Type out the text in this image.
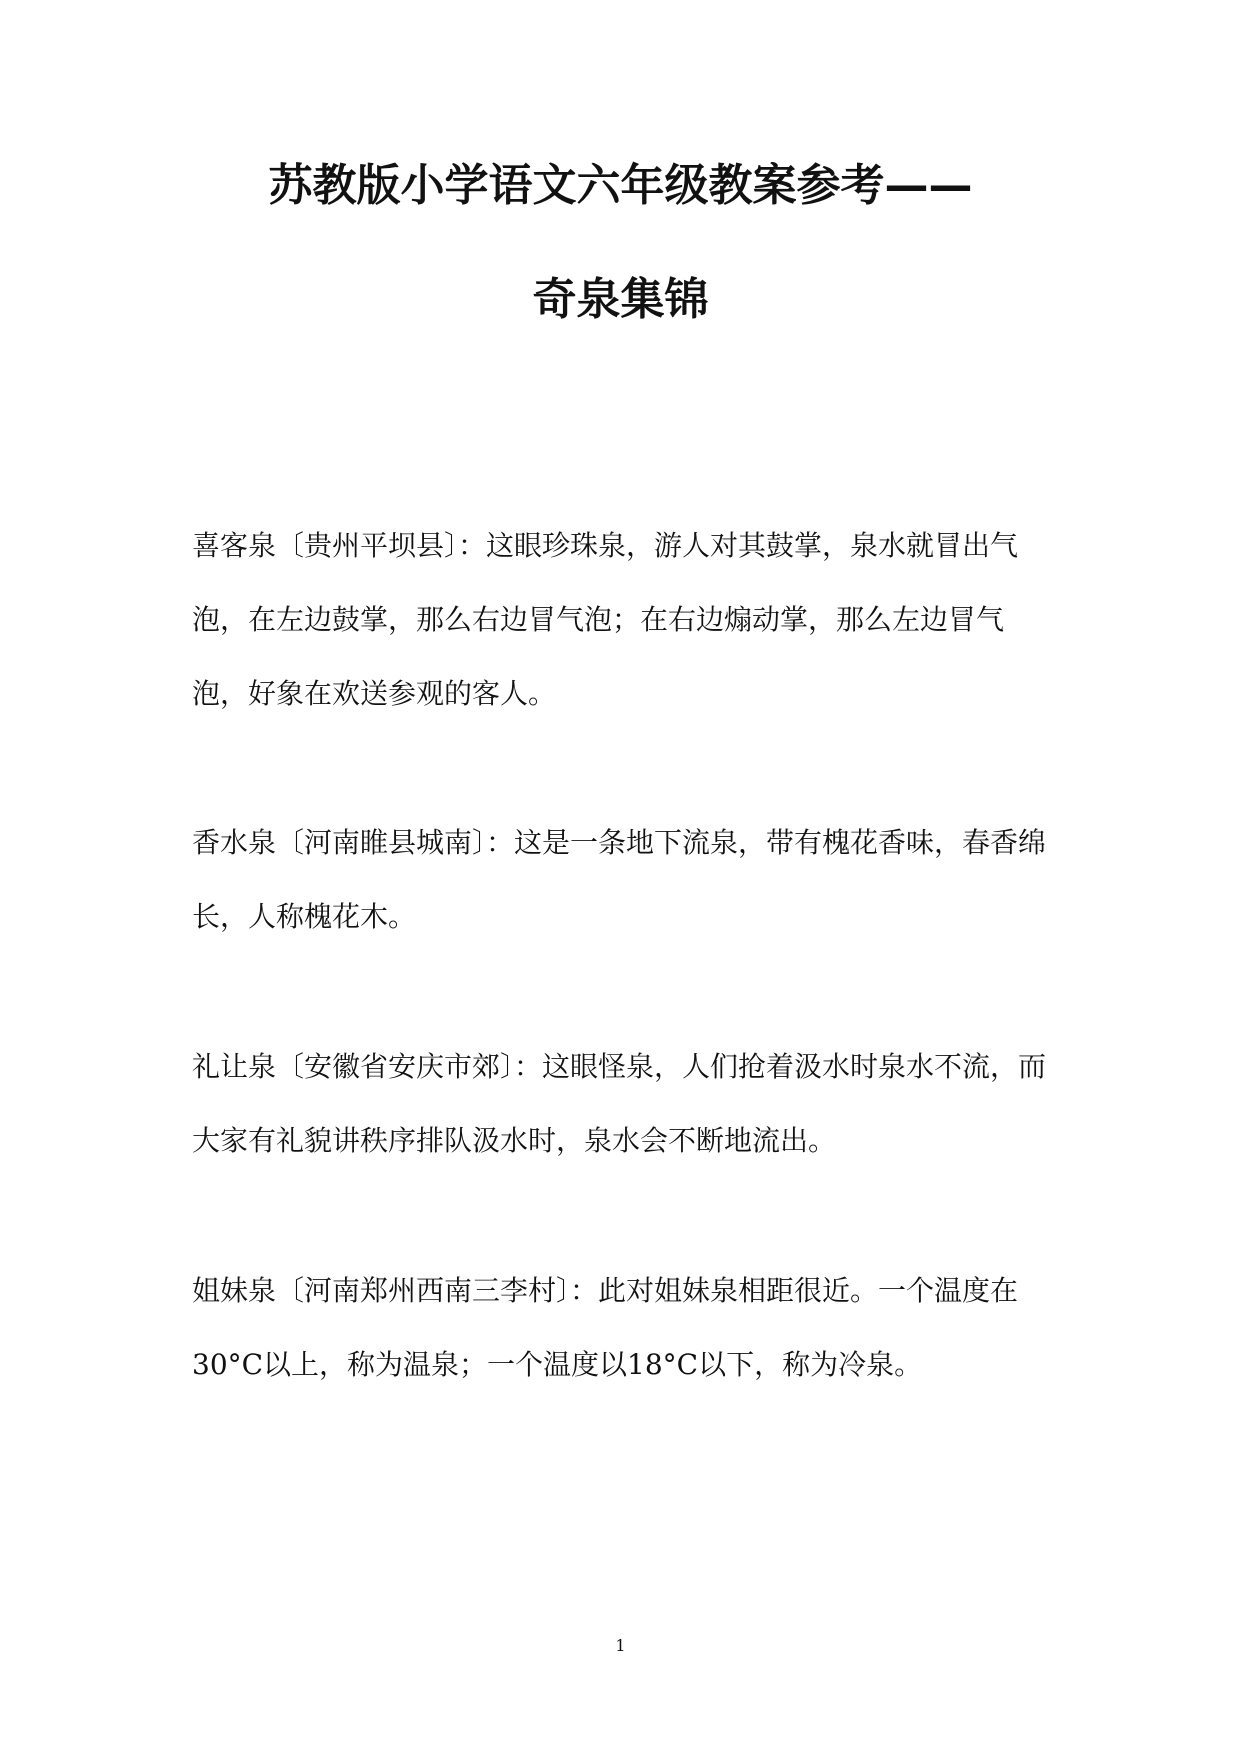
苏教版小学语文六年级教案参考——
奇泉集锦

喜客泉〔贵州平坝县〕：这眼珍珠泉，游人对其鼓掌，泉水就冒出气泡，在左边鼓掌，那么右边冒气泡；在右边煽动掌，那么左边冒气泡，好象在欢送参观的客人。

香水泉〔河南睢县城南〕：这是一条地下流泉，带有槐花香味，春香绵长，人称槐花木。

礼让泉〔安徽省安庆市郊〕：这眼怪泉，人们抢着汲水时泉水不流，而大家有礼貌讲秩序排队汲水时，泉水会不断地流出。

姐妹泉〔河南郑州西南三李村〕：此对姐妹泉相距很近。一个温度在30°C以上，称为温泉；一个温度以18°C以下，称为冷泉。

1
